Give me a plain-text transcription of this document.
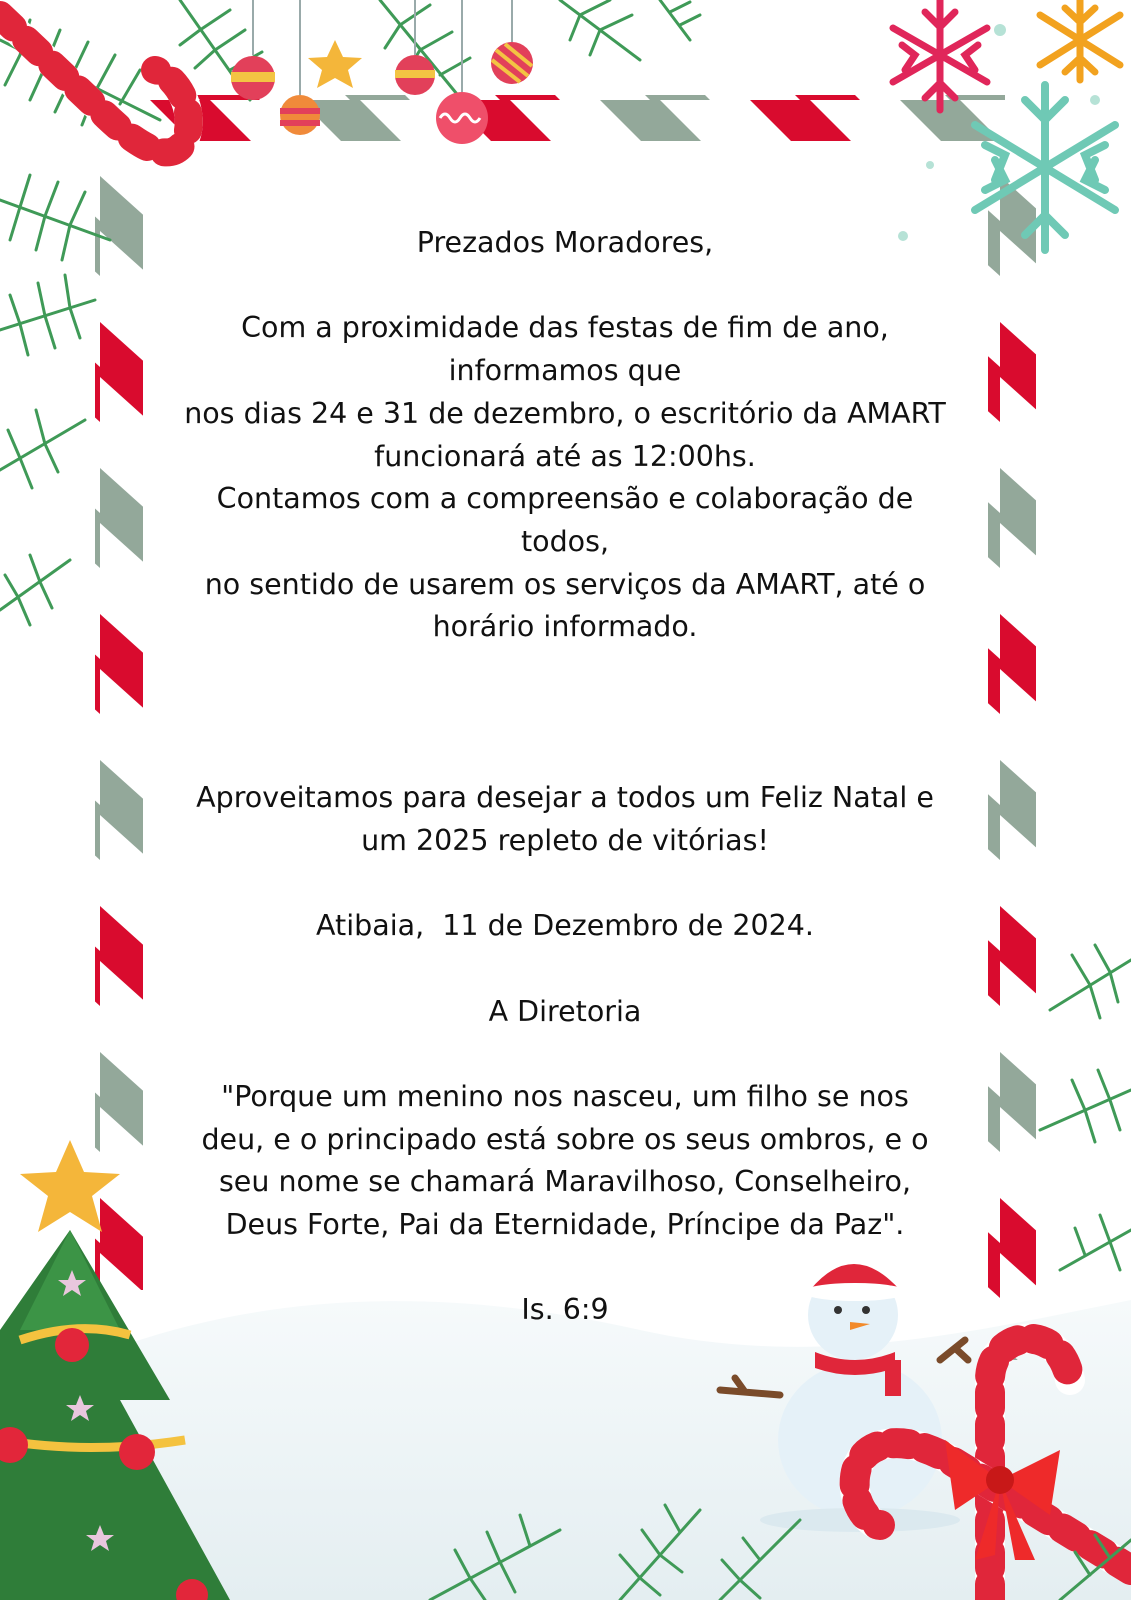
Prezados Moradores,

Com a proximidade das festas de fim de ano,

informamos que

nos dias 24 e 31 de dezembro, o escritório da AMART

funcionará até as 12:00hs.

Contamos com a compreensão e colaboração de

todos,

no sentido de usarem os serviços da AMART, até o

horário informado.

Aproveitamos para desejar a todos um Feliz Natal e

um 2025 repleto de vitórias!

Atibaia,  11 de Dezembro de 2024.

A Diretoria

"Porque um menino nos nasceu, um filho se nos

deu, e o principado está sobre os seus ombros, e o

seu nome se chamará Maravilhoso, Conselheiro,

Deus Forte, Pai da Eternidade, Príncipe da Paz".

Is. 6:9
